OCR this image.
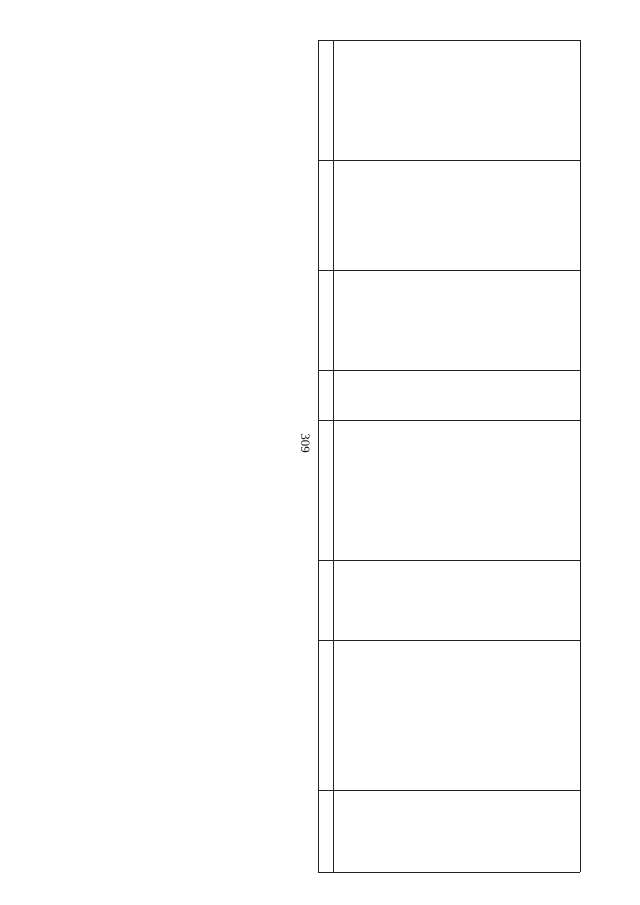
309
